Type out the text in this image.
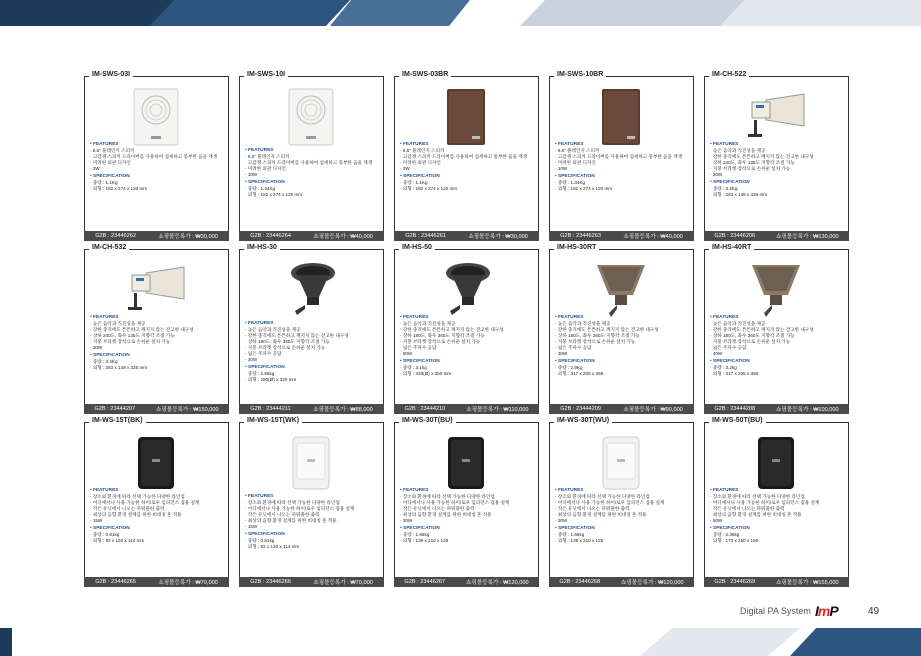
IM-SWS-03I
• FEATURES
· 6.5" 풀레인지 스피커
· 고감쟁 스피커 드라이버를 사용하여 섬세하고 풍부한 음을 재생
· 미려한 외관 디자인
· 3W
• SPECIFICATION
· 중량 : 1.1Kg
· 외형 : 182 x 274 x 120 mm
G2B : 23446262	쇼핑몰등록가 : ₩30,000
IM-SWS-10I
• FEATURES
· 6.5" 풀레인지 스피커
· 고감쟁 스피커 드라이버를 사용하여 섬세하고 풍부한 음을 재생
· 미려한 외관 디자인
· 10W
• SPECIFICATION
· 중량 : 1.34Kg
· 외형 : 182 x 274 x 120 mm
G2B : 23446264	쇼핑몰등록가 : ₩40,000
IM-SWS-03BR
• FEATURES
· 6.5" 풀레인지 스피커
· 고감쟁 스피커 드라이버를 사용하여 섬세하고 풍부한 음을 재생
· 미려한 외관 디자인
· 3W
• SPECIFICATION
· 중량 : 1.1Kg
· 외형 : 182 x 274 x 120 mm
G2B : 23446261	쇼핑몰등록가 : ₩30,000
IM-SWS-10BR
• FEATURES
· 6.5" 풀레인지 스피커
· 고감쟁 스피커 드라이버를 사용하여 섬세하고 풍부한 음을 재생
· 미려한 외관 디자인
· 10W
• SPECIFICATION
· 중량 : 1.34Kg
· 외형 : 182 x 274 x 120 mm
G2B : 23446263	쇼핑몰등록가 : ₩40,000
IM-CH-522
• FEATURES
· 높은 음악과 직진성을 제공
· 강한 충격에도 튼튼하고 깨지지 않는 견고한 내구성
· 상하 240도, 좌우 135도 지향각 조절 가능
· 지붕 브라켓 장착으로 손쉬운 설치 가능
· 20W
• SPECIFICATION
· 중량 : 3.2Kg
· 외형 : 263 x 149 x 326 mm
G2B : 23446206	쇼핑몰등록가 : ₩130,000
IM-CH-532
• FEATURES
· 높은 음악과 직진성을 제공
· 강한 충격에도 튼튼하고 깨지지 않는 견고한 내구성
· 상하 240도, 좌우 135도 지향각 조절 가능
· 지붕 브라켓 장착으로 손쉬운 설치 가능
· 30W
• SPECIFICATION
· 중량 : 3.2Kg
· 외형 : 263 x 149 x 326 mm
G2B : 23444207	쇼핑몰등록가 : ₩150,000
IM-HS-30
• FEATURES
· 높은 음악과 직진성을 제공
· 강한 충격에도 튼튼하고 깨지지 않는 견고한 내구성
· 상하 180도, 좌우 360도 지향각 조절 가능
· 지붕 브라켓 장착으로 손쉬운 설치 가능
· 넓은 주파수 응답
· 30W
• SPECIFICATION
· 중량 : 2.85kg
· 외형 : 280(Ø) x 320 mm
G2B : 23444211	쇼핑몰등록가 : ₩88,000
IM-HS-50
• FEATURES
· 높은 음악과 직진성을 제공
· 강한 충격에도 튼튼하고 깨지지 않는 견고한 내구성
· 상하 180도, 좌우 360도 지향각 조절 가능
· 지붕 브라켓 장착으로 손쉬운 설치 가능
· 넓은 주파수 응답
· 50W
• SPECIFICATION
· 중량 : 3.1kg
· 외형 : 320(Ø) x 350 mm
G2B : 23444210	쇼핑몰등록가 : ₩110,000
IM-HS-30RT
• FEATURES
· 높은 음악과 직진성을 제공
· 강한 충격에도 튼튼하고 깨지지 않는 견고한 내구성
· 상하 180도, 좌우 360도 지향각 조절 가능
· 지붕 브라켓 장착으로 손쉬운 설치 가능
· 넓은 주파수 응답
· 30W
• SPECIFICATION
· 중량 : 2.9Kg
· 외형 : 317 x 205 x 365
G2B : 23444209	쇼핑몰등록가 : ₩90,000
IM-HS-40RT
• FEATURES
· 높은 음악과 직진성을 제공
· 강한 충격에도 튼튼하고 깨지지 않는 견고한 내구성
· 상하 180도, 좌우 360도 지향각 조절 가능
· 지붕 브라켓 장착으로 손쉬운 설치 가능
· 넓은 주파수 응답
· 40W
• SPECIFICATION
· 중량 : 3.2kg
· 외형 : 317 x 205 x 365
G2B : 23444208	쇼핑몰등록가 : ₩100,000
IM-WS-15T(BK)
• FEATURES
· 장소와 환경에 따라 선택 가능한 다양한 라인업
· 어디에서나 사용 가능한 하이/로우 임피던스 겸용 설계
· 작은 유닛에서 나오는 파워풀한 출력
· 최상의 음향 환경 설계를 위한 비대칭 혼 적용
· 15W
• SPECIFICATION
· 중량 : 0.81kg
· 외형 : 92 x 120 x 114 mm
G2B : 23446265	쇼핑몰등록가 : ₩70,000
IM-WS-15T(WK)
• FEATURES
· 장소와 환경에 따라 선택 가능한 다양한 라인업
· 어디에서나 사용 가능한 하이/로우 임피던스 겸용 설계
· 작은 유닛에서 나오는 파워풀한 출력
· 최상의 음향 환경 설계를 위한 비대칭 혼 적용
· 15W
• SPECIFICATION
· 중량 : 0.81kg
· 외형 : 92 x 120 x 114 mm
G2B : 23446266	쇼핑몰등록가 : ₩70,000
IM-WS-30T(BU)
• FEATURES
· 장소와 환경에 따라 선택 가능한 다양한 라인업
· 어디에서나 사용 가능한 하이/로우 임피던스 겸용 설계
· 작은 유닛에서 나오는 파워풀한 출력
· 최상의 음향 환경 설계를 위한 비대칭 혼 적용
· 30W
• SPECIFICATION
· 중량 : 1.68kg
· 외형 : 139 x 210 x 129
G2B : 23446267	쇼핑몰등록가 : ₩120,000
IM-WS-30T(WU)
• FEATURES
· 장소와 환경에 따라 선택 가능한 다양한 라인업
· 어디에서나 사용 가능한 하이/로우 임피던스 겸용 설계
· 작은 유닛에서 나오는 파워풀한 출력
· 최상의 음향 환경 설계를 위한 비대칭 혼 적용
· 30W
• SPECIFICATION
· 중량 : 1.68kg
· 외형 : 139 x 210 x 129
G2B : 23446268	쇼핑몰등록가 : ₩120,000
IM-WS-50T(BU)
• FEATURES
· 장소와 환경에 따라 선택 가능한 다양한 라인업
· 어디에서나 사용 가능한 하이/로우 임피던스 겸용 설계
· 작은 유닛에서 나오는 파워풀한 출력
· 최상의 음향 환경 설계를 위한 비대칭 혼 적용
· 50W
• SPECIFICATION
· 중량 : 2.36kg
· 외형 : 173 x 250 x 150
G2B : 23446269	쇼핑몰등록가 : ₩155,000
Digital PA System ImP	49
